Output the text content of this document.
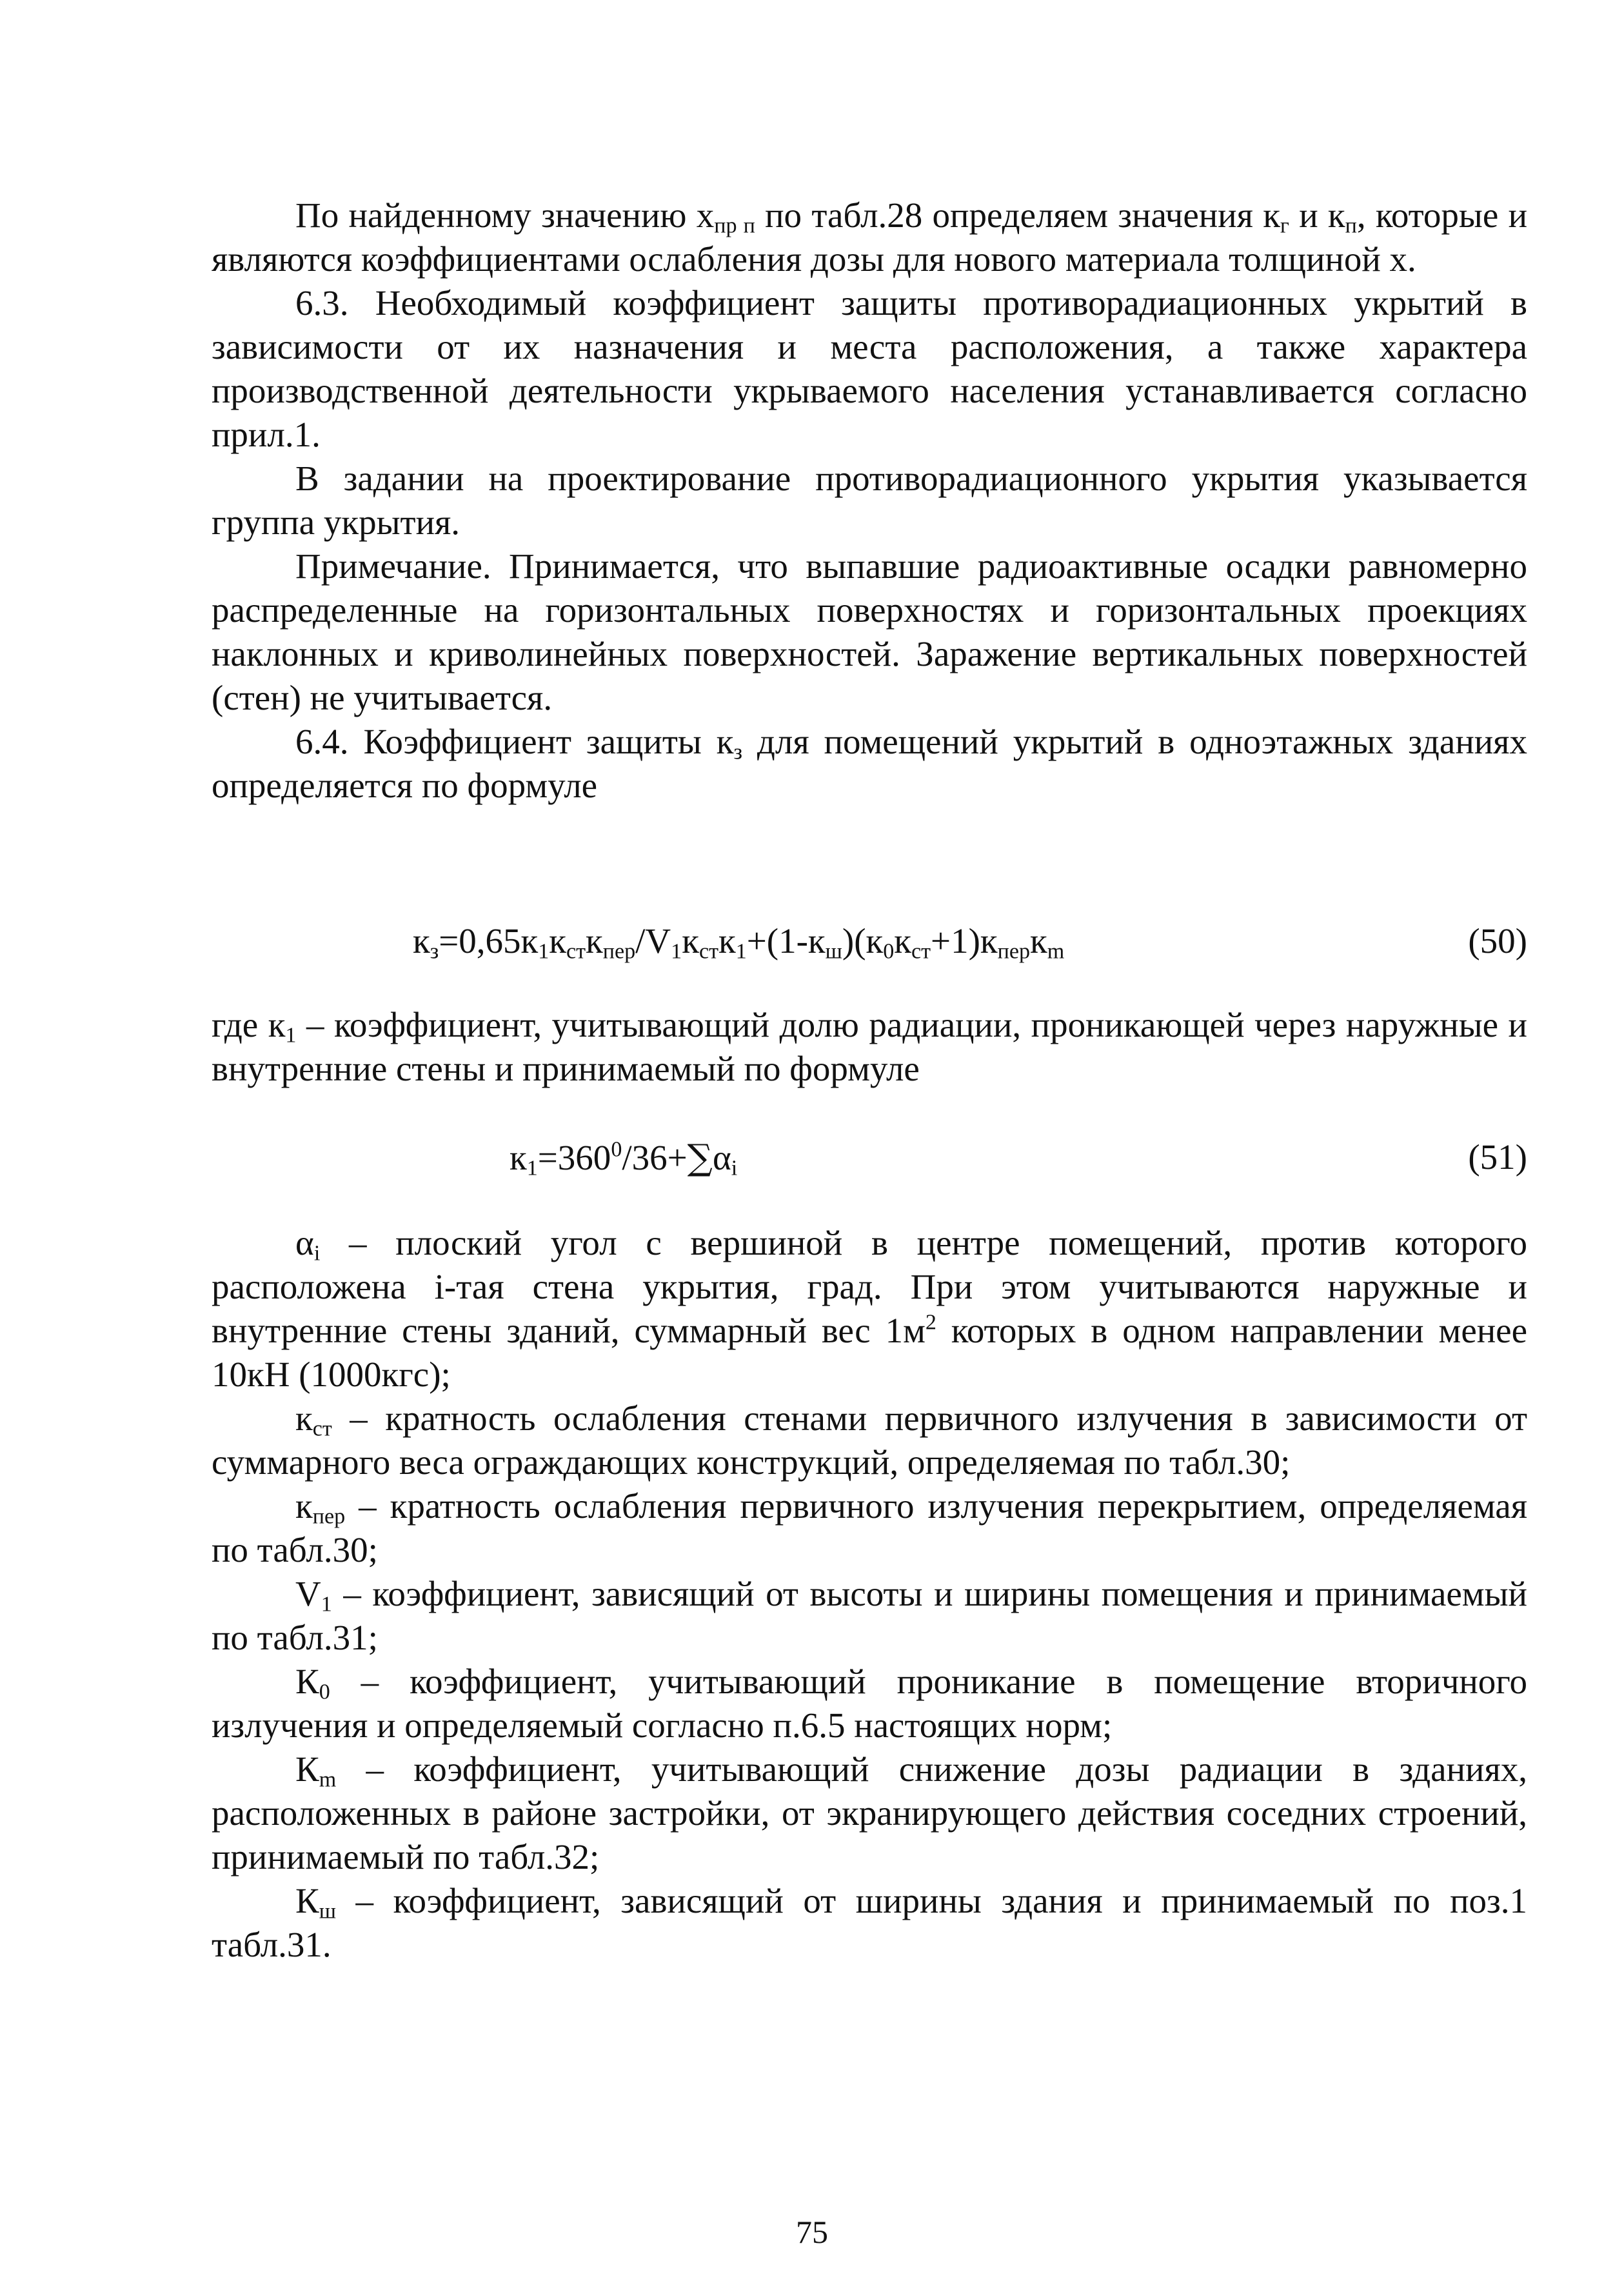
По найденному значению $x_{пр п}$ по табл.28 определяем значения $к_г$ и $к_п$, которые и являются коэффициентами ослабления дозы для нового материала толщиной x.

6.3. Необходимый коэффициент защиты противорадиационных укрытий в зависимости от их назначения и места расположения, а также характера производственной деятельности укрываемого населения устанавливается согласно прил.1.

В задании на проектирование противорадиационного укрытия указывается группа укрытия.

Примечание. Принимается, что выпавшие радиоактивные осадки равномерно распределенные на горизонтальных поверхностях и горизонтальных проекциях наклонных и криволинейных поверхностей. Заражение вертикальных поверхностей (стен) не учитывается.

6.4. Коэффициент защиты $к_з$ для помещений укрытий в одноэтажных зданиях определяется по формуле

$к_з=0,65к_1к_{ст}к_{пер}/V_1к_{ст}к_1+(1-к_ш)(к_0к_{ст}+1)к_{пер}к_m$	(50)

где $к_1$ – коэффициент, учитывающий долю радиации, проникающей через наружные и внутренние стены и принимаемый по формуле

$к_1=360^0/36+\sum\alpha_i$	(51)

$\alpha_i$ – плоский угол с вершиной в центре помещений, против которого расположена i-тая стена укрытия, град. При этом учитываются наружные и внутренние стены зданий, суммарный вес $1м^2$ которых в одном направлении менее 10кН (1000кгс);

$к_{ст}$ – кратность ослабления стенами первичного излучения в зависимости от суммарного веса ограждающих конструкций, определяемая по табл.30;

$к_{пер}$ – кратность ослабления первичного излучения перекрытием, определяемая по табл.30;

$V_1$ – коэффициент, зависящий от высоты и ширины помещения и принимаемый по табл.31;

$К_0$ – коэффициент, учитывающий проникание в помещение вторичного излучения и определяемый согласно п.6.5 настоящих норм;

$К_m$ – коэффициент, учитывающий снижение дозы радиации в зданиях, расположенных в районе застройки, от экранирующего действия соседних строений, принимаемый по табл.32;

$К_ш$ – коэффициент, зависящий от ширины здания и принимаемый по поз.1 табл.31.

75
